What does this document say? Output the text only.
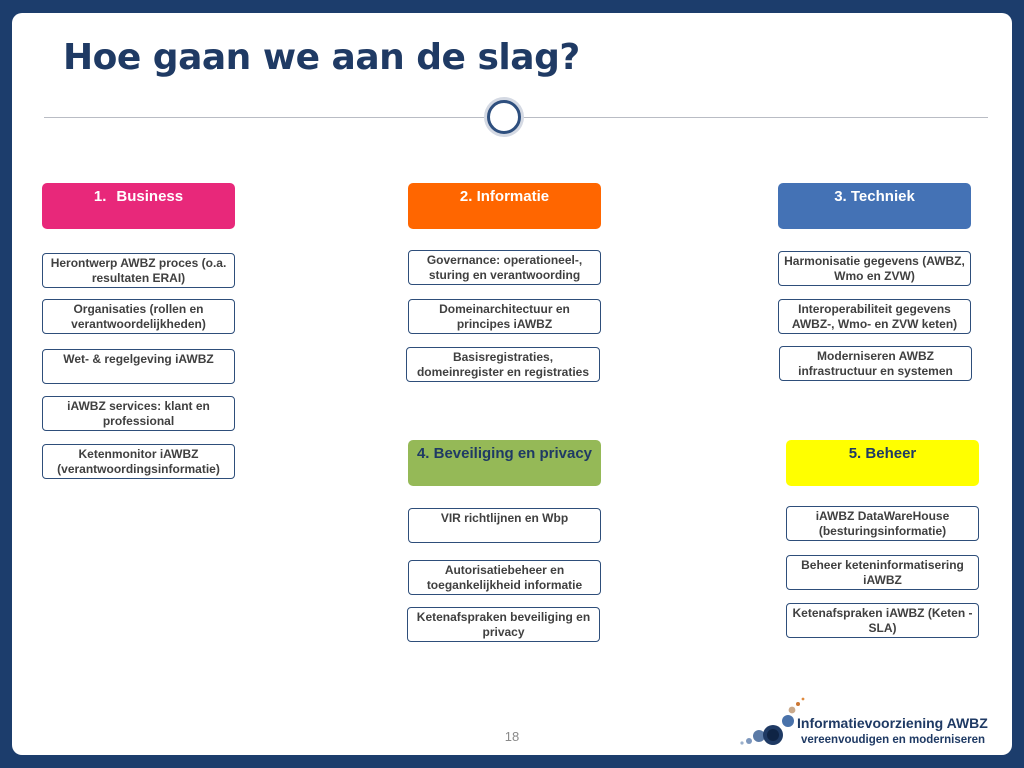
Hoe gaan we aan de slag?
1. Business
Herontwerp AWBZ proces (o.a. resultaten ERAI)
Organisaties (rollen en verantwoordelijkheden)
Wet- & regelgeving iAWBZ
iAWBZ services: klant en professional
Ketenmonitor iAWBZ (verantwoordingsinformatie)
2. Informatie
Governance: operationeel-, sturing en verantwoording
Domeinarchitectuur en principes iAWBZ
Basisregistraties, domeinregister en registraties
3. Techniek
Harmonisatie gegevens (AWBZ, Wmo en ZVW)
Interoperabiliteit gegevens AWBZ-, Wmo- en ZVW keten)
Moderniseren AWBZ infrastructuur en systemen
4. Beveiliging en privacy
VIR richtlijnen en Wbp
Autorisatiebeheer en toegankelijkheid informatie
Ketenafspraken beveiliging en privacy
5. Beheer
iAWBZ DataWareHouse (besturingsinformatie)
Beheer keteninformatisering iAWBZ
Ketenafspraken iAWBZ (Keten - SLA)
18
Informatievoorziening AWBZ
vereenvoudigen en moderniseren
